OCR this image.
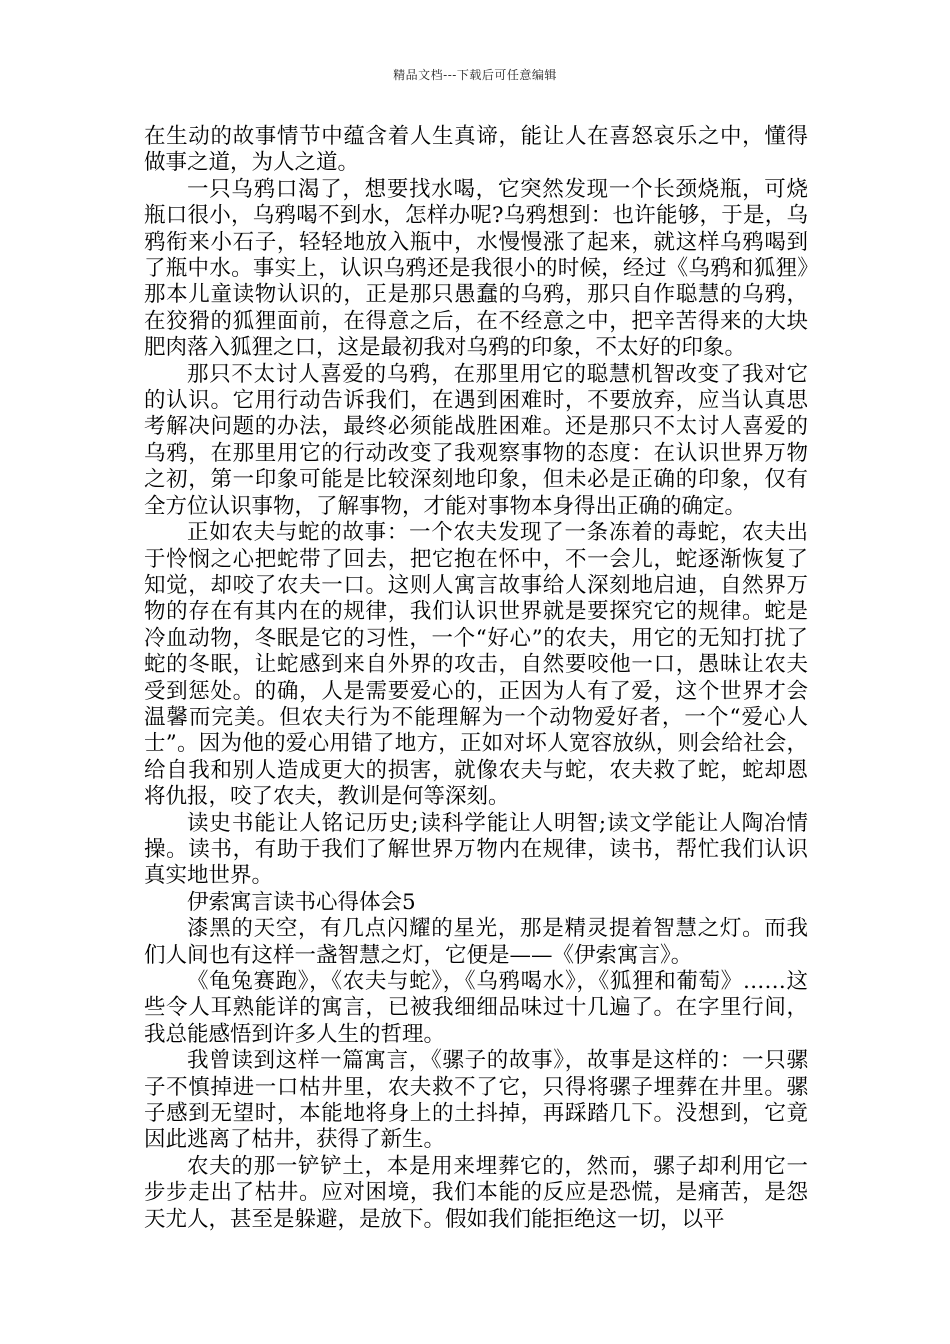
精品文档---下载后可任意编辑

在生动的故事情节中蕴含着人生真谛，能让人在喜怒哀乐之中，懂得做事之道，为人之道。

一只乌鸦口渴了，想要找水喝，它突然发现一个长颈烧瓶，可烧瓶口很小，乌鸦喝不到水，怎样办呢?乌鸦想到：也许能够，于是，乌鸦衔来小石子，轻轻地放入瓶中，水慢慢涨了起来，就这样乌鸦喝到了瓶中水。事实上，认识乌鸦还是我很小的时候，经过《乌鸦和狐狸》那本儿童读物认识的，正是那只愚蠢的乌鸦，那只自作聪慧的乌鸦，在狡猾的狐狸面前，在得意之后，在不经意之中，把辛苦得来的大块肥肉落入狐狸之口，这是最初我对乌鸦的印象，不太好的印象。

那只不太讨人喜爱的乌鸦，在那里用它的聪慧机智改变了我对它的认识。它用行动告诉我们，在遇到困难时，不要放弃，应当认真思考解决问题的办法，最终必须能战胜困难。还是那只不太讨人喜爱的乌鸦，在那里用它的行动改变了我观察事物的态度：在认识世界万物之初，第一印象可能是比较深刻地印象，但未必是正确的印象，仅有全方位认识事物，了解事物，才能对事物本身得出正确的确定。

正如农夫与蛇的故事：一个农夫发现了一条冻着的毒蛇，农夫出于怜悯之心把蛇带了回去，把它抱在怀中，不一会儿，蛇逐渐恢复了知觉，却咬了农夫一口。这则人寓言故事给人深刻地启迪，自然界万物的存在有其内在的规律，我们认识世界就是要探究它的规律。蛇是冷血动物，冬眠是它的习性，一个“好心”的农夫，用它的无知打扰了蛇的冬眠，让蛇感到来自外界的攻击，自然要咬他一口，愚昧让农夫受到惩处。的确，人是需要爱心的，正因为人有了爱，这个世界才会温馨而完美。但农夫行为不能理解为一个动物爱好者，一个“爱心人士”。因为他的爱心用错了地方，正如对坏人宽容放纵，则会给社会，给自我和别人造成更大的损害，就像农夫与蛇，农夫救了蛇，蛇却恩将仇报，咬了农夫，教训是何等深刻。

读史书能让人铭记历史;读科学能让人明智;读文学能让人陶冶情操。读书，有助于我们了解世界万物内在规律，读书，帮忙我们认识真实地世界。

伊索寓言读书心得体会5

漆黑的天空，有几点闪耀的星光，那是精灵提着智慧之灯。而我们人间也有这样一盏智慧之灯，它便是——《伊索寓言》。

《龟兔赛跑》，《农夫与蛇》，《乌鸦喝水》，《狐狸和葡萄》……这些令人耳熟能详的寓言，已被我细细品味过十几遍了。在字里行间，我总能感悟到许多人生的哲理。

我曾读到这样一篇寓言，《骡子的故事》，故事是这样的：一只骡子不慎掉进一口枯井里，农夫救不了它，只得将骡子埋葬在井里。骡子感到无望时，本能地将身上的土抖掉，再踩踏几下。没想到，它竟因此逃离了枯井，获得了新生。

农夫的那一铲铲土，本是用来埋葬它的，然而，骡子却利用它一步步走出了枯井。应对困境，我们本能的反应是恐慌，是痛苦，是怨天尤人，甚至是躲避，是放下。假如我们能拒绝这一切，以平
